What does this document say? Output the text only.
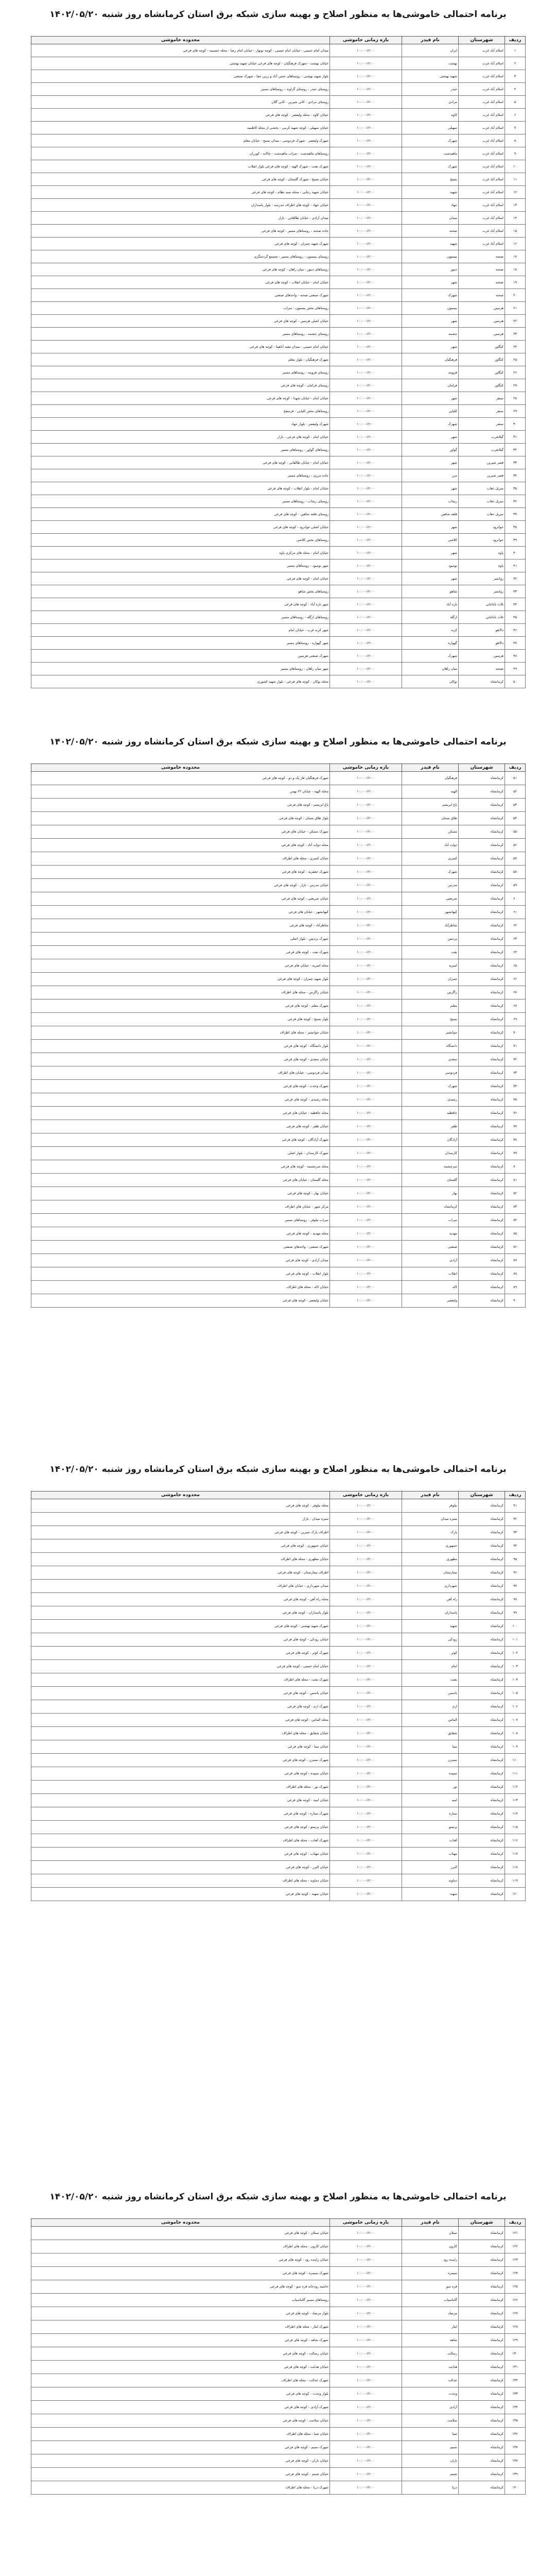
برنامه احتمالی خاموشی‌ها به منظور اصلاح و بهینه سازی شبکه برق استان کرمانشاه روز شنبه ۱۴۰۲/۰۵/۲۰
ردیف	شهرستان	نام فیدر	بازه زمانی خاموشی	محدوده خاموشی
۱	اسلام آباد غرب	ایران	۱۰:۰۰-۱۲:۰۰	میدان امام خمینی - خیابان امام خمینی - کوچه نوبهار - خیابان امام رضا - محله حسینیه - کوچه های فرعی
۲	اسلام آباد غرب	بهشت	۱۰:۰۰-۱۲:۰۰	خیابان بهشت - شهرک فرهنگیان - کوچه های فرعی خیابان شهید بهشتی
۳	اسلام آباد غرب	شهید بهشتی	۱۰:۰۰-۱۲:۰۰	بلوار شهید بهشتی - روستاهای حسن آباد و زرین چقا - شهرک صنعتی
۴	اسلام آباد غرب	حیدر	۱۰:۰۰-۱۲:۰۰	روستای حیدر - روستای گراوند - روستاهای مسیر
۵	اسلام آباد غرب	مرادی	۱۰:۰۰-۱۲:۰۰	روستای مرادی - کانی شیرین - کانی گلان
۶	اسلام آباد غرب	کاوه	۱۰:۰۰-۱۲:۰۰	خیابان کاوه - محله ولیعصر - کوچه های فرعی
۷	اسلام آباد غرب	سهیلی	۱۰:۰۰-۱۲:۰۰	خیابان سهیلی - کوچه شهید کرمی - بخشی از محله کاظمیه
۸	اسلام آباد غرب	شهرک	۱۰:۰۰-۱۲:۰۰	شهرک ولیعصر - شهرک فردوسی - میدان بسیج - خیابان معلم
۹	اسلام آباد غرب	ماهیدشت	۱۰:۰۰-۱۲:۰۰	روستاهای ماهیدشت - سراب ماهیدشت - چالابه - کوزران
۱۰	اسلام آباد غرب	شهرک	۱۰:۰۰-۱۲:۰۰	شهرک بعثت - شهرک الهیه - کوچه های فرعی بلوار انقلاب
۱۱	اسلام آباد غرب	بسیج	۱۰:۰۰-۱۲:۰۰	خیابان بسیج - شهرک گلستان - کوچه های فرعی
۱۲	اسلام آباد غرب	شهید	۱۰:۰۰-۱۲:۰۰	خیابان شهید رجایی - محله سید نظام - کوچه های فرعی
۱۳	اسلام آباد غرب	جهاد	۱۰:۰۰-۱۲:۰۰	خیابان جهاد - کوچه های اطراف مدرسه - بلوار پاسداران
۱۴	اسلام آباد غرب	میدان	۱۰:۰۰-۱۲:۰۰	میدان آزادی - خیابان طالقانی - بازار
۱۵	اسلام آباد غرب	صحنه	۱۰:۰۰-۱۲:۰۰	جاده صحنه - روستاهای مسیر - کوچه های فرعی
۱۶	اسلام آباد غرب	شهید	۱۰:۰۰-۱۲:۰۰	شهرک شهید چمران - کوچه های فرعی
۱۷	صحنه	بیستون	۱۰:۰۰-۱۲:۰۰	روستای بیستون - روستاهای مسیر - مجتمع گردشگری
۱۸	صحنه	دینور	۱۰:۰۰-۱۲:۰۰	روستاهای دینور - میان راهان - کوچه های فرعی
۱۹	صحنه	شهر	۱۰:۰۰-۱۲:۰۰	خیابان امام - خیابان انقلاب - کوچه های فرعی
۲۰	صحنه	شهرک	۱۰:۰۰-۱۲:۰۰	شهرک صنعتی صحنه - واحدهای صنعتی
۲۱	هرسین	بیستون	۱۰:۰۰-۱۲:۰۰	روستاهای بخش بیستون - سراب
۲۲	هرسین	شهر	۱۰:۰۰-۱۲:۰۰	خیابان اصلی هرسین - کوچه های فرعی
۲۳	هرسین	چشمه	۱۰:۰۰-۱۲:۰۰	روستای چشمه - روستاهای مسیر
۲۴	کنگاور	شهر	۱۰:۰۰-۱۲:۰۰	خیابان امام خمینی - میدان معبد آناهیتا - کوچه های فرعی
۲۵	کنگاور	فرهنگیان	۱۰:۰۰-۱۲:۰۰	شهرک فرهنگیان - بلوار معلم
۲۶	کنگاور	قزوینه	۱۰:۰۰-۱۲:۰۰	روستای قزوینه - روستاهای مسیر
۲۷	کنگاور	فرامان	۱۰:۰۰-۱۲:۰۰	روستای فرامان - کوچه های فرعی
۲۸	سنقر	شهر	۱۰:۰۰-۱۲:۰۰	خیابان امام - خیابان شهدا - کوچه های فرعی
۲۹	سنقر	کلیایی	۱۰:۰۰-۱۲:۰۰	روستاهای بخش کلیایی - فرسفج
۳۰	سنقر	شهرک	۱۰:۰۰-۱۲:۰۰	شهرک ولیعصر - بلوار جهاد
۳۱	گیلانغرب	شهر	۱۰:۰۰-۱۲:۰۰	خیابان امام - کوچه های فرعی - بازار
۳۲	گیلانغرب	گواور	۱۰:۰۰-۱۲:۰۰	روستاهای گواور - روستاهای مسیر
۳۳	قصر شیرین	شهر	۱۰:۰۰-۱۲:۰۰	خیابان امام - خیابان طالقانی - کوچه های فرعی
۳۴	قصر شیرین	مرز	۱۰:۰۰-۱۲:۰۰	جاده مرزی - روستاهای مسیر
۳۵	سرپل ذهاب	شهر	۱۰:۰۰-۱۲:۰۰	خیابان امام - بلوار انقلاب - کوچه های فرعی
۳۶	سرپل ذهاب	ریجاب	۱۰:۰۰-۱۲:۰۰	روستای ریجاب - روستاهای مسیر
۳۷	سرپل ذهاب	قلعه شاهین	۱۰:۰۰-۱۲:۰۰	روستای قلعه شاهین - کوچه های فرعی
۳۸	جوانرود	شهر	۱۰:۰۰-۱۲:۰۰	خیابان اصلی جوانرود - کوچه های فرعی
۳۹	جوانرود	کلاشی	۱۰:۰۰-۱۲:۰۰	روستاهای بخش کلاشی
۴۰	پاوه	شهر	۱۰:۰۰-۱۲:۰۰	خیابان امام - محله های مرکزی پاوه
۴۱	پاوه	نوسود	۱۰:۰۰-۱۲:۰۰	شهر نوسود - روستاهای مسیر
۴۲	روانسر	شهر	۱۰:۰۰-۱۲:۰۰	خیابان امام - کوچه های فرعی
۴۳	روانسر	شاهو	۱۰:۰۰-۱۲:۰۰	روستاهای بخش شاهو
۴۴	ثلاث باباجانی	تازه آباد	۱۰:۰۰-۱۲:۰۰	شهر تازه آباد - کوچه های فرعی
۴۵	ثلاث باباجانی	ازگله	۱۰:۰۰-۱۲:۰۰	روستاهای ازگله - روستاهای مسیر
۴۶	دالاهو	کرند	۱۰:۰۰-۱۲:۰۰	شهر کرند غرب - خیابان امام
۴۷	دالاهو	گهواره	۱۰:۰۰-۱۲:۰۰	شهر گهواره - روستاهای مسیر
۴۸	هرسین	شهرک	۱۰:۰۰-۱۲:۰۰	شهرک صنعتی هرسین
۴۹	صحنه	میان راهان	۱۰:۰۰-۱۲:۰۰	شهر میان راهان - روستاهای مسیر
۵۰	کرمانشاه	نوکان	۱۰:۰۰-۱۲:۰۰	محله نوکان - کوچه های فرعی - بلوار شهید کشوری
برنامه احتمالی خاموشی‌ها به منظور اصلاح و بهینه سازی شبکه برق استان کرمانشاه روز شنبه ۱۴۰۲/۰۵/۲۰
ردیف	شهرستان	نام فیدر	بازه زمانی خاموشی	محدوده خاموشی
۵۱	کرمانشاه	فرهنگیان	۱۰:۰۰-۱۲:۰۰	شهرک فرهنگیان فاز یک و دو - کوچه های فرعی
۵۲	کرمانشاه	الهیه	۱۰:۰۰-۱۲:۰۰	محله الهیه - خیابان ۲۲ بهمن
۵۳	کرمانشاه	باغ ابریشم	۱۰:۰۰-۱۲:۰۰	باغ ابریشم - کوچه های فرعی
۵۴	کرمانشاه	طاق بستان	۱۰:۰۰-۱۲:۰۰	بلوار طاق بستان - کوچه های فرعی
۵۵	کرمانشاه	مسکن	۱۰:۰۰-۱۲:۰۰	شهرک مسکن - خیابان های فرعی
۵۶	کرمانشاه	دولت آباد	۱۰:۰۰-۱۲:۰۰	محله دولت آباد - کوچه های فرعی
۵۷	کرمانشاه	کسری	۱۰:۰۰-۱۲:۰۰	خیابان کسری - محله های اطراف
۵۸	کرمانشاه	شهرک	۱۰:۰۰-۱۲:۰۰	شهرک جعفریه - کوچه های فرعی
۵۹	کرمانشاه	مدرس	۱۰:۰۰-۱۲:۰۰	خیابان مدرس - بازار - کوچه های فرعی
۶۰	کرمانشاه	شریعتی	۱۰:۰۰-۱۲:۰۰	خیابان شریعتی - کوچه های فرعی
۶۱	کرمانشاه	کیهانشهر	۱۰:۰۰-۱۲:۰۰	کیهانشهر - خیابان های فرعی
۶۲	کرمانشاه	شاطرآباد	۱۰:۰۰-۱۲:۰۰	شاطرآباد - کوچه های فرعی
۶۳	کرمانشاه	پردیس	۱۰:۰۰-۱۲:۰۰	شهرک پردیس - بلوار اصلی
۶۴	کرمانشاه	نفت	۱۰:۰۰-۱۲:۰۰	شهرک نفت - کوچه های فرعی
۶۵	کرمانشاه	امیریه	۱۰:۰۰-۱۲:۰۰	محله امیریه - خیابان های فرعی
۶۶	کرمانشاه	چمران	۱۰:۰۰-۱۲:۰۰	بلوار شهید چمران - کوچه های فرعی
۶۷	کرمانشاه	زاگرس	۱۰:۰۰-۱۲:۰۰	خیابان زاگرس - محله های اطراف
۶۸	کرمانشاه	معلم	۱۰:۰۰-۱۲:۰۰	شهرک معلم - کوچه های فرعی
۶۹	کرمانشاه	بسیج	۱۰:۰۰-۱۲:۰۰	بلوار بسیج - کوچه های فرعی
۷۰	کرمانشاه	جوانشیر	۱۰:۰۰-۱۲:۰۰	خیابان جوانشیر - محله های اطراف
۷۱	کرمانشاه	دانشگاه	۱۰:۰۰-۱۲:۰۰	بلوار دانشگاه - کوچه های فرعی
۷۲	کرمانشاه	سعدی	۱۰:۰۰-۱۲:۰۰	خیابان سعدی - کوچه های فرعی
۷۳	کرمانشاه	فردوسی	۱۰:۰۰-۱۲:۰۰	میدان فردوسی - خیابان های اطراف
۷۴	کرمانشاه	شهرک	۱۰:۰۰-۱۲:۰۰	شهرک وحدت - کوچه های فرعی
۷۵	کرمانشاه	رشیدی	۱۰:۰۰-۱۲:۰۰	محله رشیدی - کوچه های فرعی
۷۶	کرمانشاه	حافظیه	۱۰:۰۰-۱۲:۰۰	محله حافظیه - خیابان های فرعی
۷۷	کرمانشاه	ظفر	۱۰:۰۰-۱۲:۰۰	خیابان ظفر - کوچه های فرعی
۷۸	کرمانشاه	آزادگان	۱۰:۰۰-۱۲:۰۰	شهرک آزادگان - کوچه های فرعی
۷۹	کرمانشاه	کارمندان	۱۰:۰۰-۱۲:۰۰	شهرک کارمندان - بلوار اصلی
۸۰	کرمانشاه	سرچشمه	۱۰:۰۰-۱۲:۰۰	محله سرچشمه - کوچه های فرعی
۸۱	کرمانشاه	گلستان	۱۰:۰۰-۱۲:۰۰	محله گلستان - خیابان های فرعی
۸۲	کرمانشاه	بهار	۱۰:۰۰-۱۲:۰۰	خیابان بهار - کوچه های فرعی
۸۳	کرمانشاه	کرمانشاه	۱۰:۰۰-۱۲:۰۰	مرکز شهر - خیابان های اطراف
۸۴	کرمانشاه	سراب	۱۰:۰۰-۱۲:۰۰	سراب نیلوفر - روستاهای مسیر
۸۵	کرمانشاه	مهدیه	۱۰:۰۰-۱۲:۰۰	محله مهدیه - کوچه های فرعی
۸۶	کرمانشاه	صنعتی	۱۰:۰۰-۱۲:۰۰	شهرک صنعتی - واحدهای صنعتی
۸۷	کرمانشاه	آزادی	۱۰:۰۰-۱۲:۰۰	میدان آزادی - کوچه های فرعی
۸۸	کرمانشاه	انقلاب	۱۰:۰۰-۱۲:۰۰	بلوار انقلاب - کوچه های فرعی
۸۹	کرمانشاه	لاله	۱۰:۰۰-۱۲:۰۰	خیابان لاله - محله های اطراف
۹۰	کرمانشاه	ولیعصر	۱۰:۰۰-۱۲:۰۰	خیابان ولیعصر - کوچه های فرعی
برنامه احتمالی خاموشی‌ها به منظور اصلاح و بهینه سازی شبکه برق استان کرمانشاه روز شنبه ۱۴۰۲/۰۵/۲۰
ردیف	شهرستان	نام فیدر	بازه زمانی خاموشی	محدوده خاموشی
۹۱	کرمانشاه	نیلوفر	۱۰:۰۰-۱۲:۰۰	محله نیلوفر - کوچه های فرعی
۹۲	کرمانشاه	سبزه میدان	۱۰:۰۰-۱۲:۰۰	سبزه میدان - بازار
۹۳	کرمانشاه	پارک	۱۰:۰۰-۱۲:۰۰	اطراف پارک شیرین - کوچه های فرعی
۹۴	کرمانشاه	جمهوری	۱۰:۰۰-۱۲:۰۰	خیابان جمهوری - کوچه های فرعی
۹۵	کرمانشاه	مطهری	۱۰:۰۰-۱۲:۰۰	خیابان مطهری - محله های اطراف
۹۶	کرمانشاه	بیمارستان	۱۰:۰۰-۱۲:۰۰	اطراف بیمارستان - کوچه های فرعی
۹۷	کرمانشاه	شهرداری	۱۰:۰۰-۱۲:۰۰	میدان شهرداری - خیابان های اطراف
۹۸	کرمانشاه	راه آهن	۱۰:۰۰-۱۲:۰۰	محله راه آهن - کوچه های فرعی
۹۹	کرمانشاه	پاسداران	۱۰:۰۰-۱۲:۰۰	بلوار پاسداران - کوچه های فرعی
۱۰۰	کرمانشاه	شهید	۱۰:۰۰-۱۲:۰۰	شهرک شهید بهشتی - کوچه های فرعی
۱۰۱	کرمانشاه	رودکی	۱۰:۰۰-۱۲:۰۰	خیابان رودکی - کوچه های فرعی
۱۰۲	کرمانشاه	کوثر	۱۰:۰۰-۱۲:۰۰	شهرک کوثر - کوچه های فرعی
۱۰۳	کرمانشاه	امام	۱۰:۰۰-۱۲:۰۰	خیابان امام خمینی - کوچه های فرعی
۱۰۴	کرمانشاه	بعثت	۱۰:۰۰-۱۲:۰۰	شهرک بعثت - محله های اطراف
۱۰۵	کرمانشاه	یاسمن	۱۰:۰۰-۱۲:۰۰	خیابان یاسمن - کوچه های فرعی
۱۰۶	کرمانشاه	ارم	۱۰:۰۰-۱۲:۰۰	شهرک ارم - کوچه های فرعی
۱۰۷	کرمانشاه	الماس	۱۰:۰۰-۱۲:۰۰	محله الماس - کوچه های فرعی
۱۰۸	کرمانشاه	شقایق	۱۰:۰۰-۱۲:۰۰	خیابان شقایق - محله های اطراف
۱۰۹	کرمانشاه	مینا	۱۰:۰۰-۱۲:۰۰	خیابان مینا - کوچه های فرعی
۱۱۰	کرمانشاه	نسترن	۱۰:۰۰-۱۲:۰۰	شهرک نسترن - کوچه های فرعی
۱۱۱	کرمانشاه	سپیده	۱۰:۰۰-۱۲:۰۰	خیابان سپیده - کوچه های فرعی
۱۱۲	کرمانشاه	نور	۱۰:۰۰-۱۲:۰۰	شهرک نور - محله های اطراف
۱۱۳	کرمانشاه	امید	۱۰:۰۰-۱۲:۰۰	خیابان امید - کوچه های فرعی
۱۱۴	کرمانشاه	ستاره	۱۰:۰۰-۱۲:۰۰	شهرک ستاره - کوچه های فرعی
۱۱۵	کرمانشاه	پرستو	۱۰:۰۰-۱۲:۰۰	خیابان پرستو - کوچه های فرعی
۱۱۶	کرمانشاه	آفتاب	۱۰:۰۰-۱۲:۰۰	شهرک آفتاب - محله های اطراف
۱۱۷	کرمانشاه	مهتاب	۱۰:۰۰-۱۲:۰۰	خیابان مهتاب - کوچه های فرعی
۱۱۸	کرمانشاه	البرز	۱۰:۰۰-۱۲:۰۰	خیابان البرز - کوچه های فرعی
۱۱۹	کرمانشاه	دماوند	۱۰:۰۰-۱۲:۰۰	خیابان دماوند - محله های اطراف
۱۲۰	کرمانشاه	سهند	۱۰:۰۰-۱۲:۰۰	خیابان سهند - کوچه های فرعی
برنامه احتمالی خاموشی‌ها به منظور اصلاح و بهینه سازی شبکه برق استان کرمانشاه روز شنبه ۱۴۰۲/۰۵/۲۰
ردیف	شهرستان	نام فیدر	بازه زمانی خاموشی	محدوده خاموشی
۱۲۱	کرمانشاه	سبلان	۱۰:۰۰-۱۲:۰۰	خیابان سبلان - کوچه های فرعی
۱۲۲	کرمانشاه	کارون	۱۰:۰۰-۱۲:۰۰	خیابان کارون - محله های اطراف
۱۲۳	کرمانشاه	زاینده رود	۱۰:۰۰-۱۲:۰۰	خیابان زاینده رود - کوچه های فرعی
۱۲۴	کرمانشاه	سیمره	۱۰:۰۰-۱۲:۰۰	شهرک سیمره - کوچه های فرعی
۱۲۵	کرمانشاه	قره سو	۱۰:۰۰-۱۲:۰۰	حاشیه رودخانه قره سو - کوچه های فرعی
۱۲۶	کرمانشاه	گاماسیاب	۱۰:۰۰-۱۲:۰۰	روستاهای مسیر گاماسیاب
۱۲۷	کرمانشاه	مرصاد	۱۰:۰۰-۱۲:۰۰	بلوار مرصاد - کوچه های فرعی
۱۲۸	کرمانشاه	ایثار	۱۰:۰۰-۱۲:۰۰	شهرک ایثار - محله های اطراف
۱۲۹	کرمانشاه	شاهد	۱۰:۰۰-۱۲:۰۰	شهرک شاهد - کوچه های فرعی
۱۳۰	کرمانشاه	رسالت	۱۰:۰۰-۱۲:۰۰	خیابان رسالت - کوچه های فرعی
۱۳۱	کرمانشاه	هدایت	۱۰:۰۰-۱۲:۰۰	خیابان هدایت - کوچه های فرعی
۱۳۲	کرمانشاه	عدالت	۱۰:۰۰-۱۲:۰۰	شهرک عدالت - محله های اطراف
۱۳۳	کرمانشاه	وحدت	۱۰:۰۰-۱۲:۰۰	بلوار وحدت - کوچه های فرعی
۱۳۴	کرمانشاه	آزادی	۱۰:۰۰-۱۲:۰۰	شهرک آزادی - کوچه های فرعی
۱۳۵	کرمانشاه	سلامت	۱۰:۰۰-۱۲:۰۰	خیابان سلامت - کوچه های فرعی
۱۳۶	کرمانشاه	صبا	۱۰:۰۰-۱۲:۰۰	خیابان صبا - محله های اطراف
۱۳۷	کرمانشاه	نسیم	۱۰:۰۰-۱۲:۰۰	شهرک نسیم - کوچه های فرعی
۱۳۸	کرمانشاه	باران	۱۰:۰۰-۱۲:۰۰	خیابان باران - کوچه های فرعی
۱۳۹	کرمانشاه	شبنم	۱۰:۰۰-۱۲:۰۰	خیابان شبنم - کوچه های فرعی
۱۴۰	کرمانشاه	دریا	۱۰:۰۰-۱۲:۰۰	شهرک دریا - محله های اطراف
